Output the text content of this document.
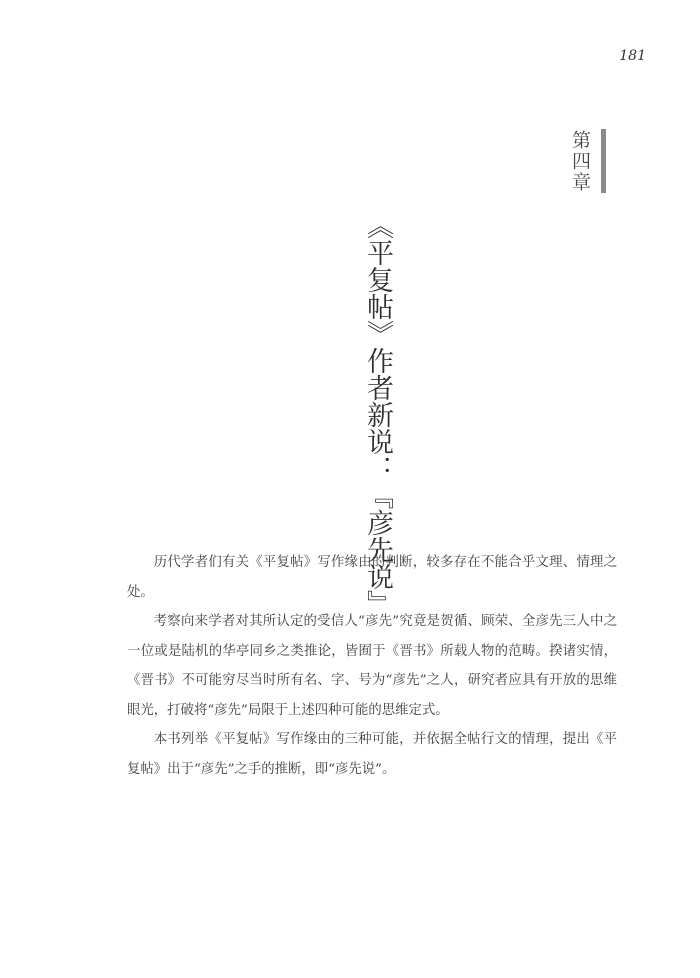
181
第四章
《平复帖》作者新说：『彦先说』

历代学者们有关《平复帖》写作缘由的判断，较多存在不能合乎文理、情理之处。

考察向来学者对其所认定的受信人“彦先”究竟是贺循、顾荣、全彦先三人中之一位或是陆机的华亭同乡之类推论，皆囿于《晋书》所载人物的范畴。揆诸实情，《晋书》不可能穷尽当时所有名、字、号为“彦先”之人，研究者应具有开放的思维眼光，打破将“彦先”局限于上述四种可能的思维定式。

本书列举《平复帖》写作缘由的三种可能，并依据全帖行文的情理，提出《平复帖》出于“彦先”之手的推断，即“彦先说”。
